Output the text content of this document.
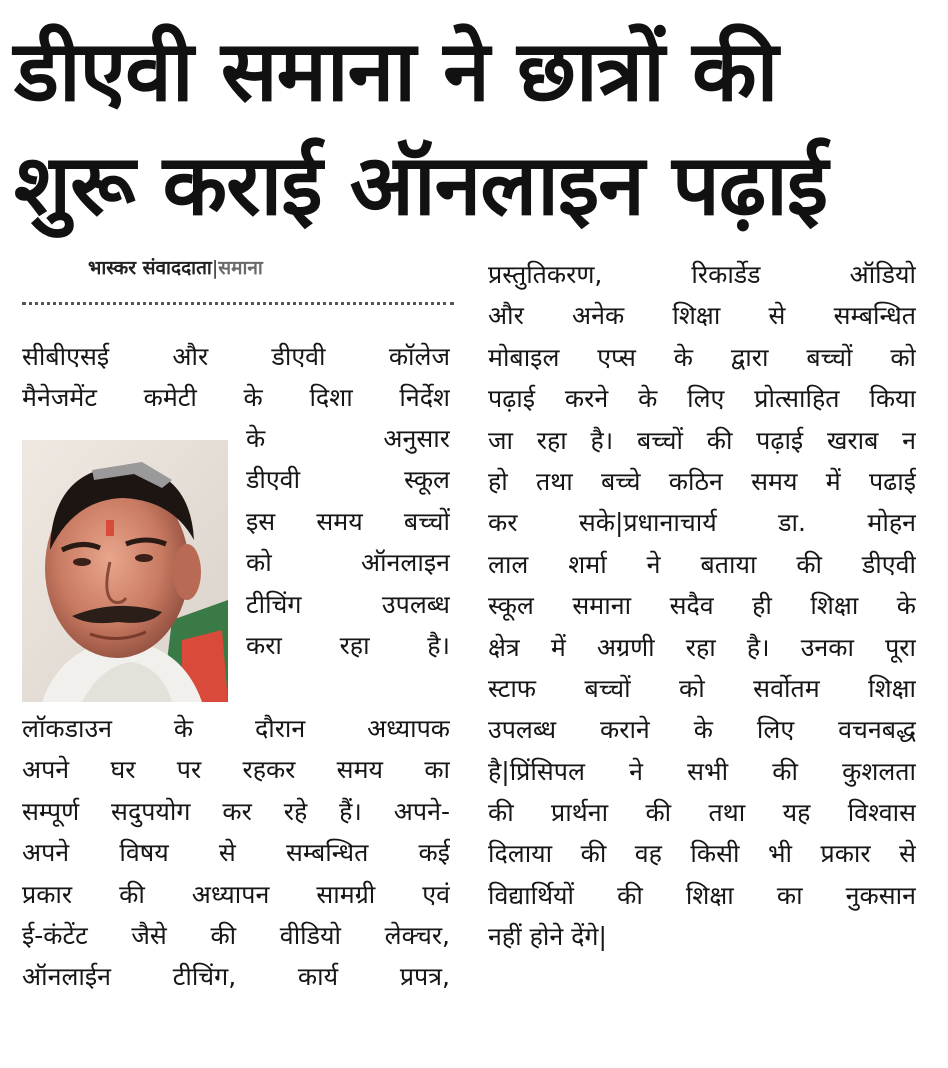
डीएवी समाना ने छात्रों की
शुरू कराई ऑनलाइन पढ़ाई
भास्कर संवाददाता|समाना
सीबीएसई और डीएवी कॉलेज
मैनेजमेंट कमेटी के दिशा निर्देश
के अनुसार
डीएवी स्कूल
इस समय बच्चों
को ऑनलाइन
टीचिंग उपलब्ध
करा रहा है।
लॉकडाउन के दौरान अध्यापक
अपने घर पर रहकर समय का
सम्पूर्ण सदुपयोग कर रहे हैं। अपने-
अपने विषय से सम्बन्धित कई
प्रकार की अध्यापन सामग्री एवं
ई-कंटेंट जैसे की वीडियो लेक्चर,
ऑनलाईन टीचिंग, कार्य प्रपत्र,
प्रस्तुतिकरण, रिकार्डेड ऑडियो
और अनेक शिक्षा से सम्बन्धित
मोबाइल एप्स के द्वारा बच्चों को
पढ़ाई करने के लिए प्रोत्साहित किया
जा रहा है। बच्चों की पढ़ाई खराब न
हो तथा बच्चे कठिन समय में पढाई
कर सके|प्रधानाचार्य डा. मोहन
लाल शर्मा ने बताया की डीएवी
स्कूल समाना सदैव ही शिक्षा के
क्षेत्र में अग्रणी रहा है। उनका पूरा
स्टाफ बच्चों को सर्वोतम शिक्षा
उपलब्ध कराने के लिए वचनबद्ध
है|प्रिंसिपल ने सभी की कुशलता
की प्रार्थना की तथा यह विश्वास
दिलाया की वह किसी भी प्रकार से
विद्यार्थियों की शिक्षा का नुकसान
नहीं होने देंगे|
